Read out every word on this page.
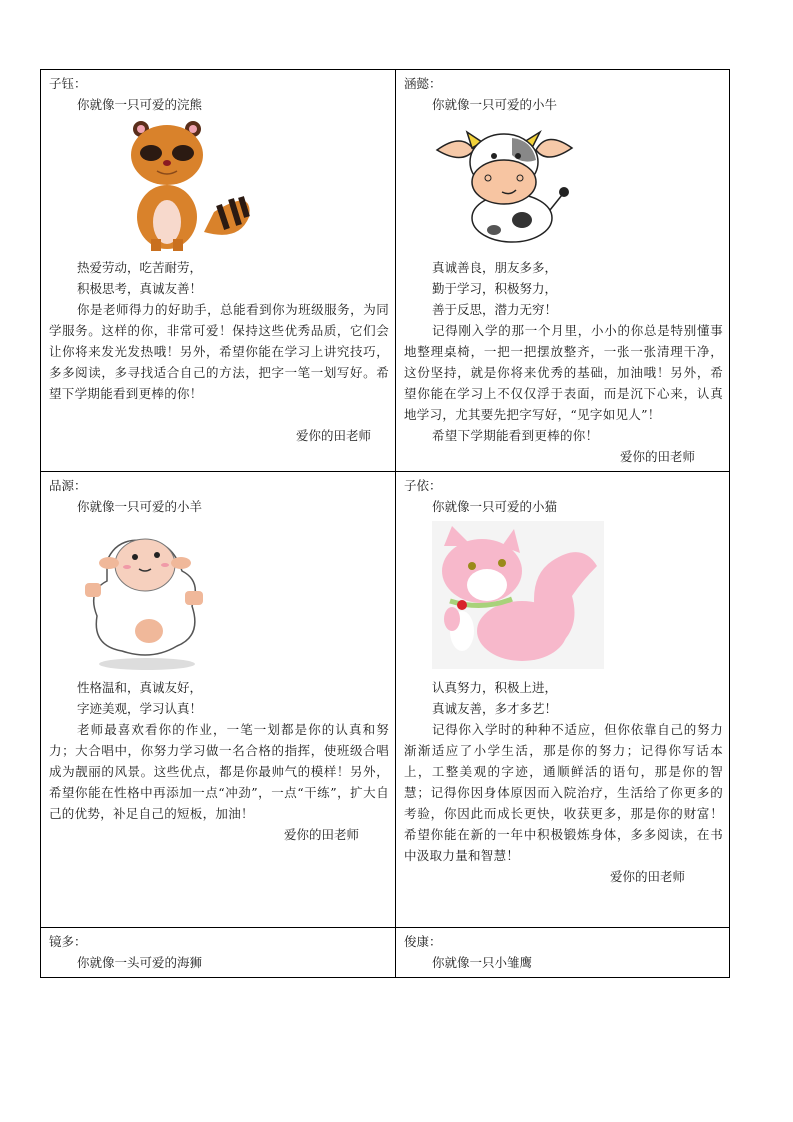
子钰：
你就像一只可爱的浣熊
热爱劳动，吃苦耐劳，
积极思考，真诚友善！

你是老师得力的好助手，总能看到你为班级服务，为同学服务。这样的你，非常可爱！保持这些优秀品质，它们会让你将来发光发热哦！另外，希望你能在学习上讲究技巧，多多阅读，多寻找适合自己的方法，把字一笔一划写好。希望下学期能看到更棒的你！

爱你的田老师

涵懿：
你就像一只可爱的小牛
真诚善良，朋友多多，
勤于学习，积极努力，
善于反思，潜力无穷！

记得刚入学的那一个月里，小小的你总是特别懂事地整理桌椅，一把一把摆放整齐，一张一张清理干净，这份坚持，就是你将来优秀的基础，加油哦！另外，希望你能在学习上不仅仅浮于表面，而是沉下心来，认真地学习，尤其要先把字写好，“见字如见人”！

希望下学期能看到更棒的你！

爱你的田老师

品源：
你就像一只可爱的小羊
性格温和，真诚友好，
字迹美观，学习认真！

老师最喜欢看你的作业，一笔一划都是你的认真和努力；大合唱中，你努力学习做一名合格的指挥，使班级合唱成为靓丽的风景。这些优点，都是你最帅气的模样！另外，希望你能在性格中再添加一点“冲劲”，一点“干练”，扩大自己的优势，补足自己的短板，加油！

爱你的田老师

子依：
你就像一只可爱的小猫
认真努力，积极上进，
真诚友善，多才多艺！

记得你入学时的种种不适应，但你依靠自己的努力渐渐适应了小学生活，那是你的努力；记得你写话本上，工整美观的字迹，通顺鲜活的语句，那是你的智慧；记得你因身体原因而入院治疗，生活给了你更多的考验，你因此而成长更快，收获更多，那是你的财富！希望你能在新的一年中积极锻炼身体，多多阅读，在书中汲取力量和智慧！

爱你的田老师

镜多：
你就像一头可爱的海狮	俊康：
你就像一只小雏鹰
